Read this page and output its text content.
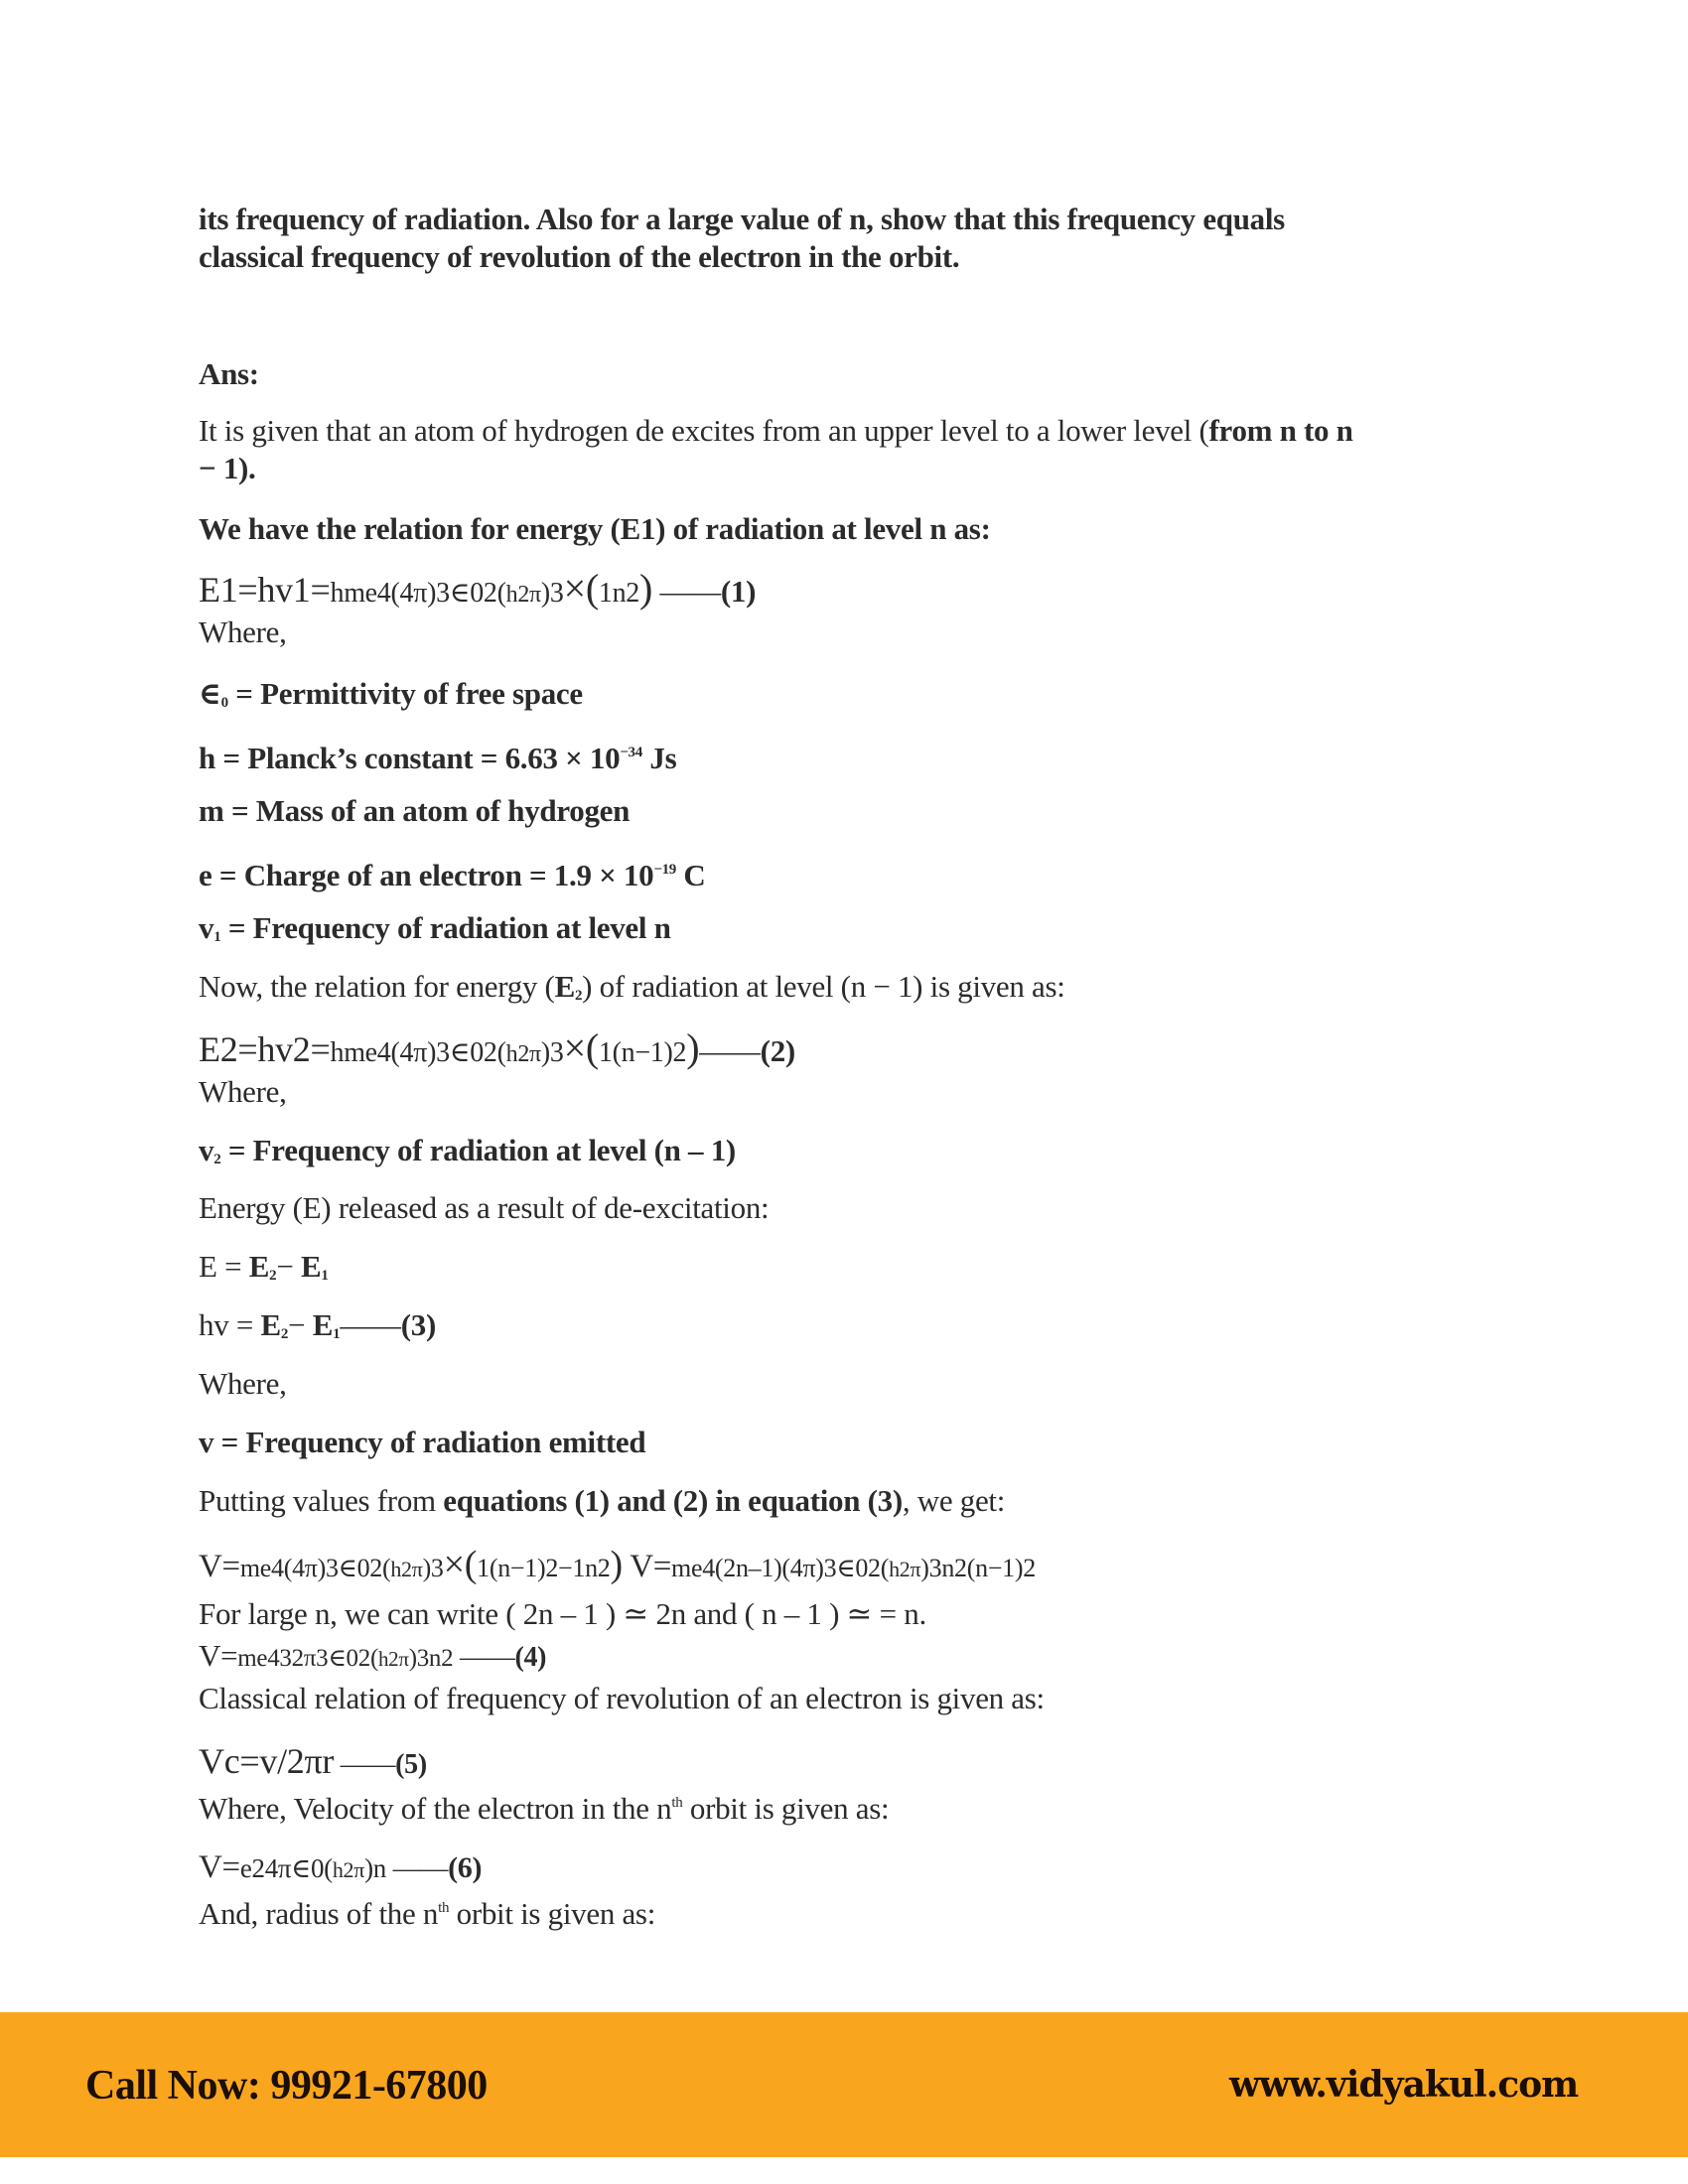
its frequency of radiation. Also for a large value of n, show that this frequency equals
classical frequency of revolution of the electron in the orbit.
Ans:
It is given that an atom of hydrogen de excites from an upper level to a lower level (from n to n
− 1).
We have the relation for energy (E1) of radiation at level n as:
E1=hv1=hme4(4π)3∈02(h2π)3×(1n2) ——(1)
Where,
$\in_0$ = Permittivity of free space
h = Planck’s constant = $6.63 \times 10^{-34}$ Js
m = Mass of an atom of hydrogen
e = Charge of an electron = $1.9 \times 10^{-19}$ C
$v_1$ = Frequency of radiation at level n
Now, the relation for energy $(E_2)$ of radiation at level (n − 1) is given as:
E2=hv2=hme4(4π)3∈02(h2π)3×(1(n−1)2)——(2)
Where,
$v_2$ = Frequency of radiation at level (n – 1)
Energy (E) released as a result of de-excitation:
$E = E_2- E_1$
hv = $E_2-$ $E_1——(3)$
Where,
v = Frequency of radiation emitted
Putting values from equations (1) and (2) in equation (3), we get:
V=me4(4π)3∈02(h2π)3×(1(n−1)2−1n2) V=me4(2n–1)(4π)3∈02(h2π)3n2(n−1)2
For large n, we can write ( 2n – 1 ) ≃ 2n and ( n – 1 ) ≃ = n.
V=me432π3∈02(h2π)3n2 ——(4)
Classical relation of frequency of revolution of an electron is given as:
Vc=v/2πr ——(5)
Where, Velocity of the electron in the $n^{th}$ orbit is given as:
V=e24π∈0(h2π)n ——(6)
And, radius of the $n^{th}$ orbit is given as:
Call Now: 99921-67800	www.vidyakul.com
